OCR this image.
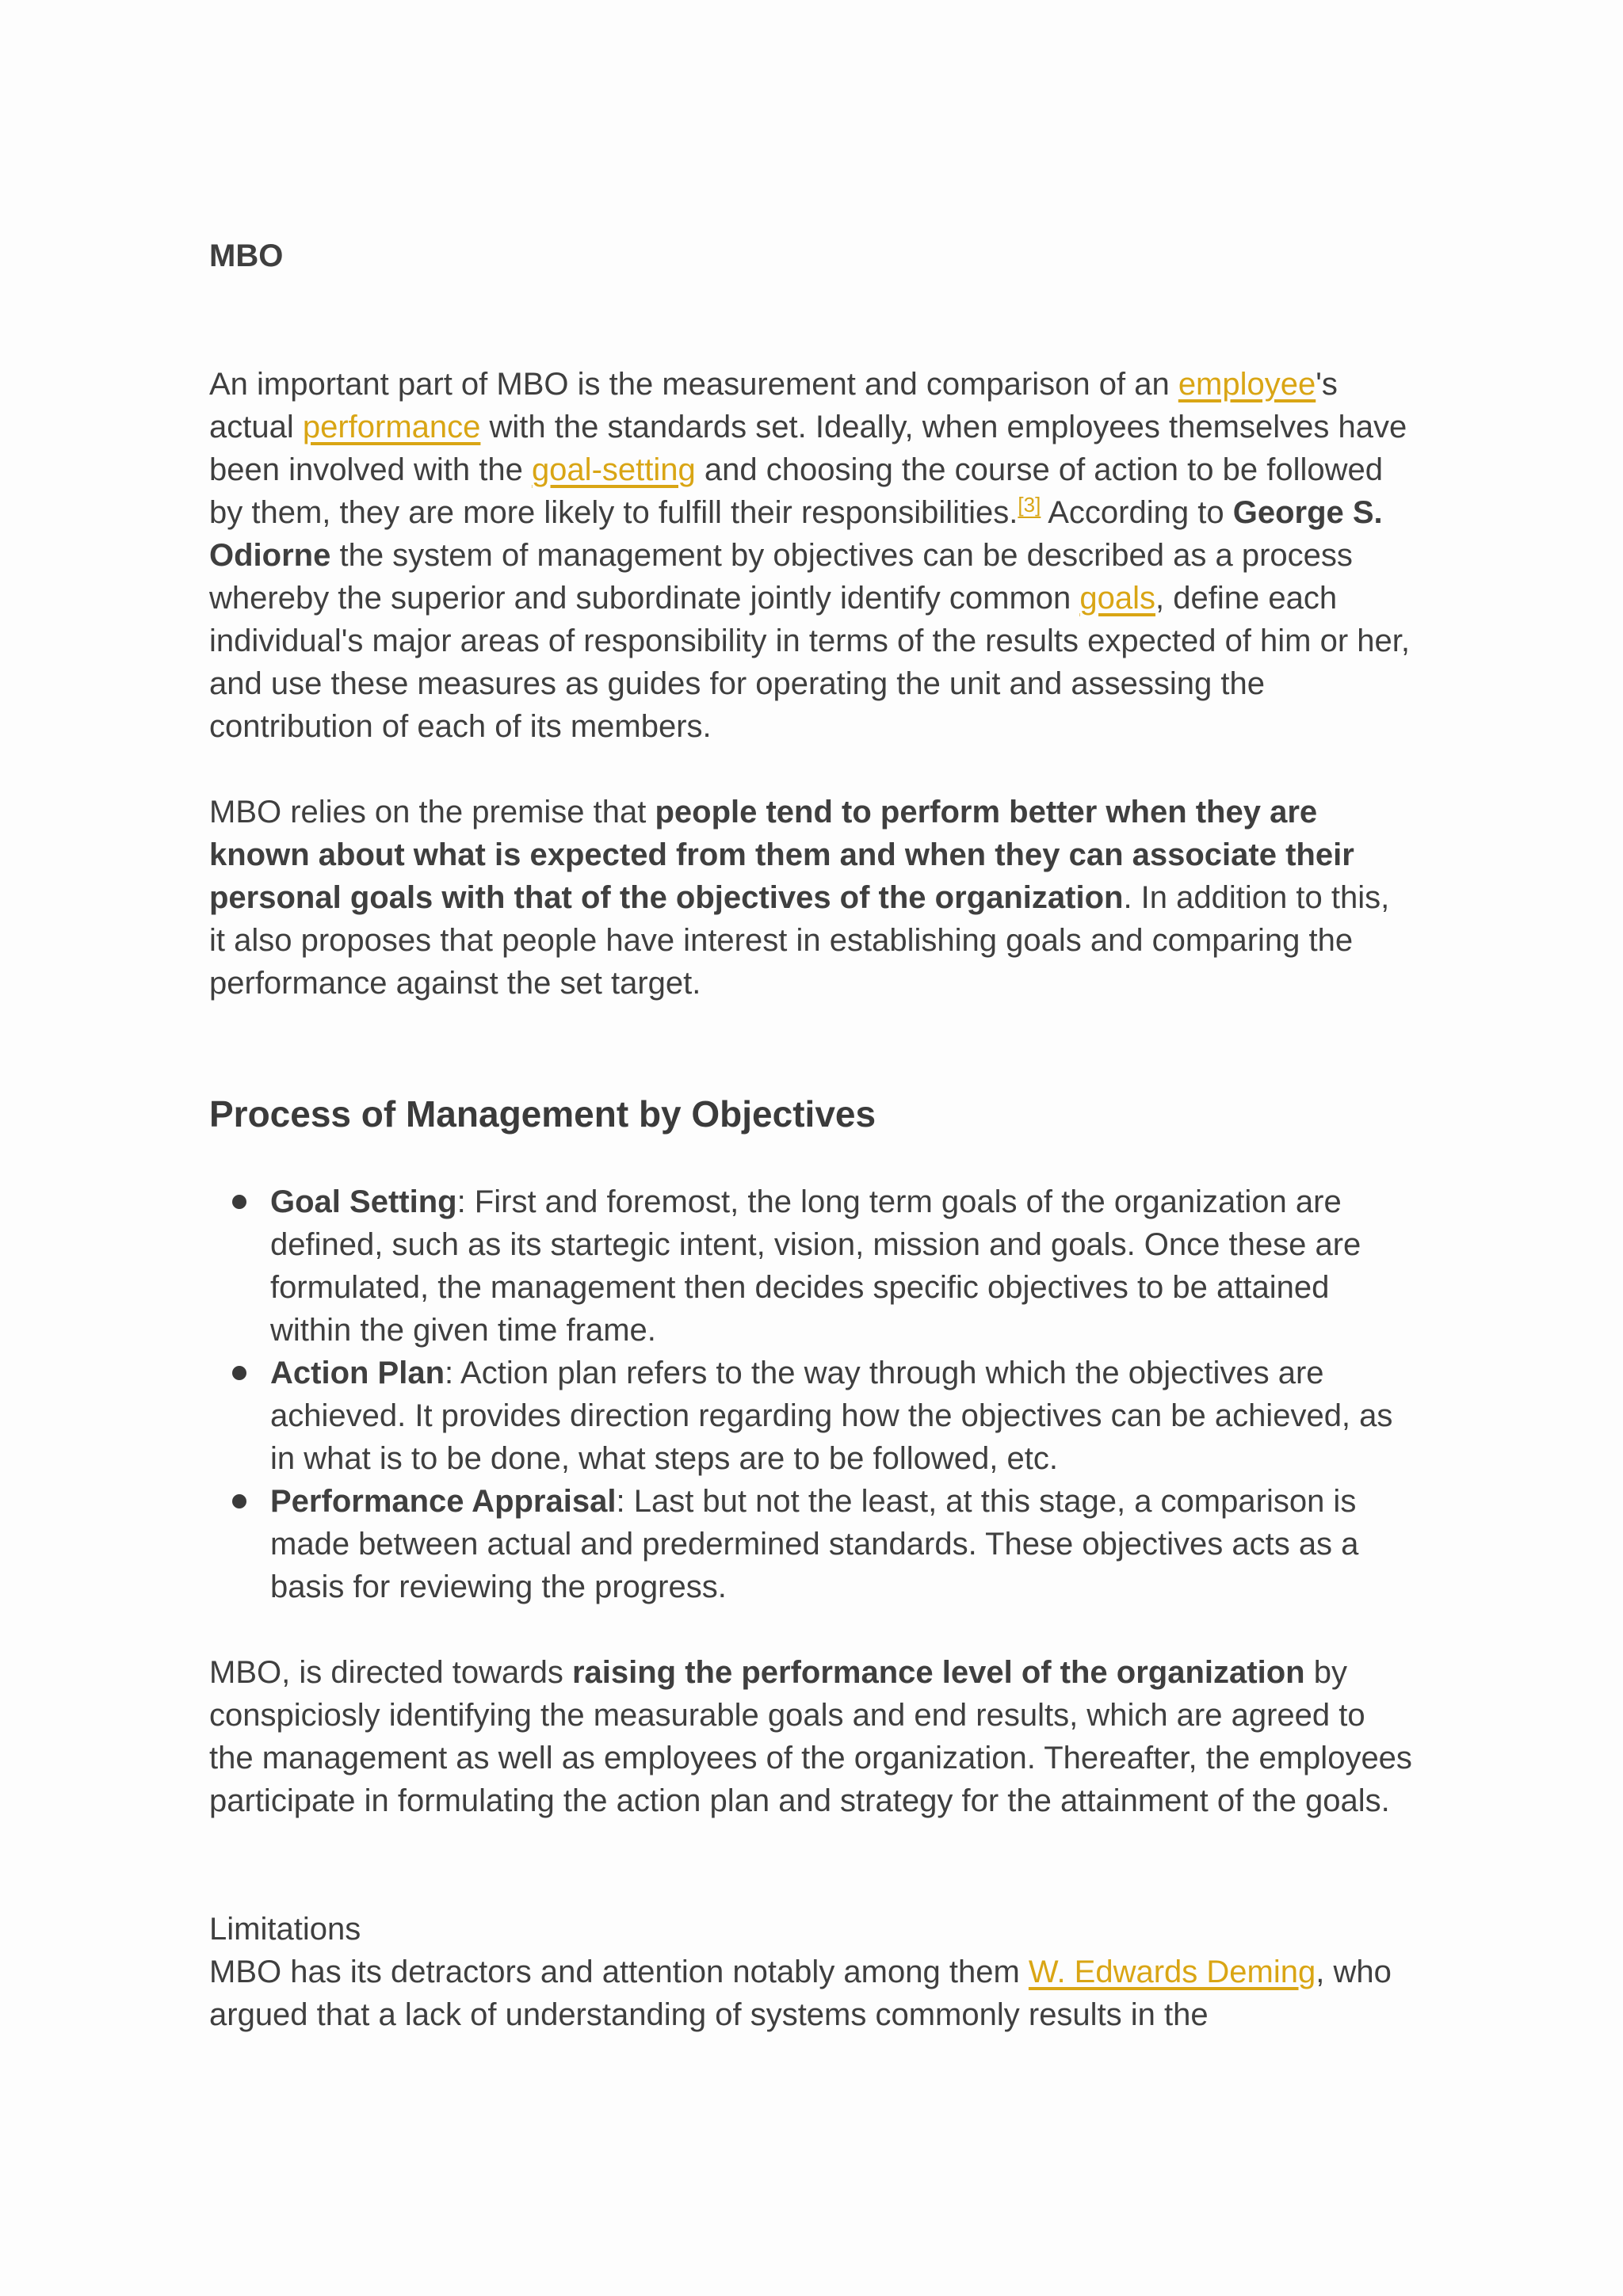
MBO

An important part of MBO is the measurement and comparison of an employee's actual performance with the standards set. Ideally, when employees themselves have been involved with the goal-setting and choosing the course of action to be followed by them, they are more likely to fulfill their responsibilities.[3] According to George S. Odiorne the system of management by objectives can be described as a process whereby the superior and subordinate jointly identify common goals, define each individual's major areas of responsibility in terms of the results expected of him or her, and use these measures as guides for operating the unit and assessing the contribution of each of its members.

MBO relies on the premise that people tend to perform better when they are known about what is expected from them and when they can associate their personal goals with that of the objectives of the organization. In addition to this, it also proposes that people have interest in establishing goals and comparing the performance against the set target.

Process of Management by Objectives
Goal Setting: First and foremost, the long term goals of the organization are defined, such as its startegic intent, vision, mission and goals. Once these are formulated, the management then decides specific objectives to be attained within the given time frame.
Action Plan: Action plan refers to the way through which the objectives are achieved. It provides direction regarding how the objectives can be achieved, as in what is to be done, what steps are to be followed, etc.
Performance Appraisal: Last but not the least, at this stage, a comparison is made between actual and predermined standards. These objectives acts as a basis for reviewing the progress.

MBO, is directed towards raising the performance level of the organization by conspiciosly identifying the measurable goals and end results, which are agreed to the management as well as employees of the organization. Thereafter, the employees participate in formulating the action plan and strategy for the attainment of the goals.

Limitations

MBO has its detractors and attention notably among them W. Edwards Deming, who argued that a lack of understanding of systems commonly results in the
